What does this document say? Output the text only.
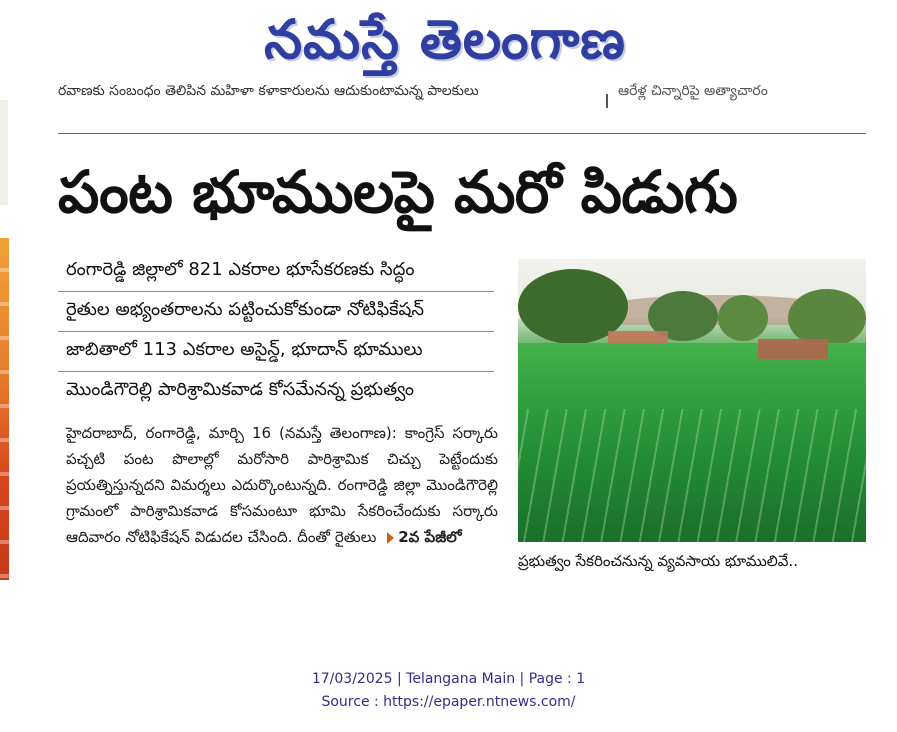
నమస్తే తెలంగాణ
రవాణకు సంబంధం తెలిపిన మహిళా కళాకారులను ఆదుకుంటామన్న పాలకులు	ఆరేళ్ల చిన్నారిపై అత్యాచారం
పంట భూములపై మరో పిడుగు
రంగారెడ్డి జిల్లాలో 821 ఎకరాల భూసేకరణకు సిద్ధం
రైతుల అభ్యంతరాలను పట్టించుకోకుండా నోటిఫికేషన్
జాబితాలో 113 ఎకరాల అసైన్డ్, భూదాన్ భూములు
మొండిగౌరెల్లి పారిశ్రామికవాడ కోసమేనన్న ప్రభుత్వం

హైదరాబాద్, రంగారెడ్డి, మార్చి 16 (నమస్తే తెలంగాణ): కాంగ్రెస్ సర్కారు పచ్చటి పంట పొలాల్లో మరోసారి పారిశ్రామిక చిచ్చు పెట్టేందుకు ప్రయత్నిస్తున్నదని విమర్శలు ఎదుర్కొంటున్నది. రంగారెడ్డి జిల్లా మొండిగౌరెల్లి గ్రామంలో పారిశ్రామికవాడ కోసమంటూ భూమి సేకరించేందుకు సర్కారు ఆదివారం నోటిఫికేషన్ విడుదల చేసింది. దీంతో రైతులు 2వ పేజీలో

ప్రభుత్వం సేకరించనున్న వ్యవసాయ భూములివే..
17/03/2025 | Telangana Main | Page : 1
Source : https://epaper.ntnews.com/
